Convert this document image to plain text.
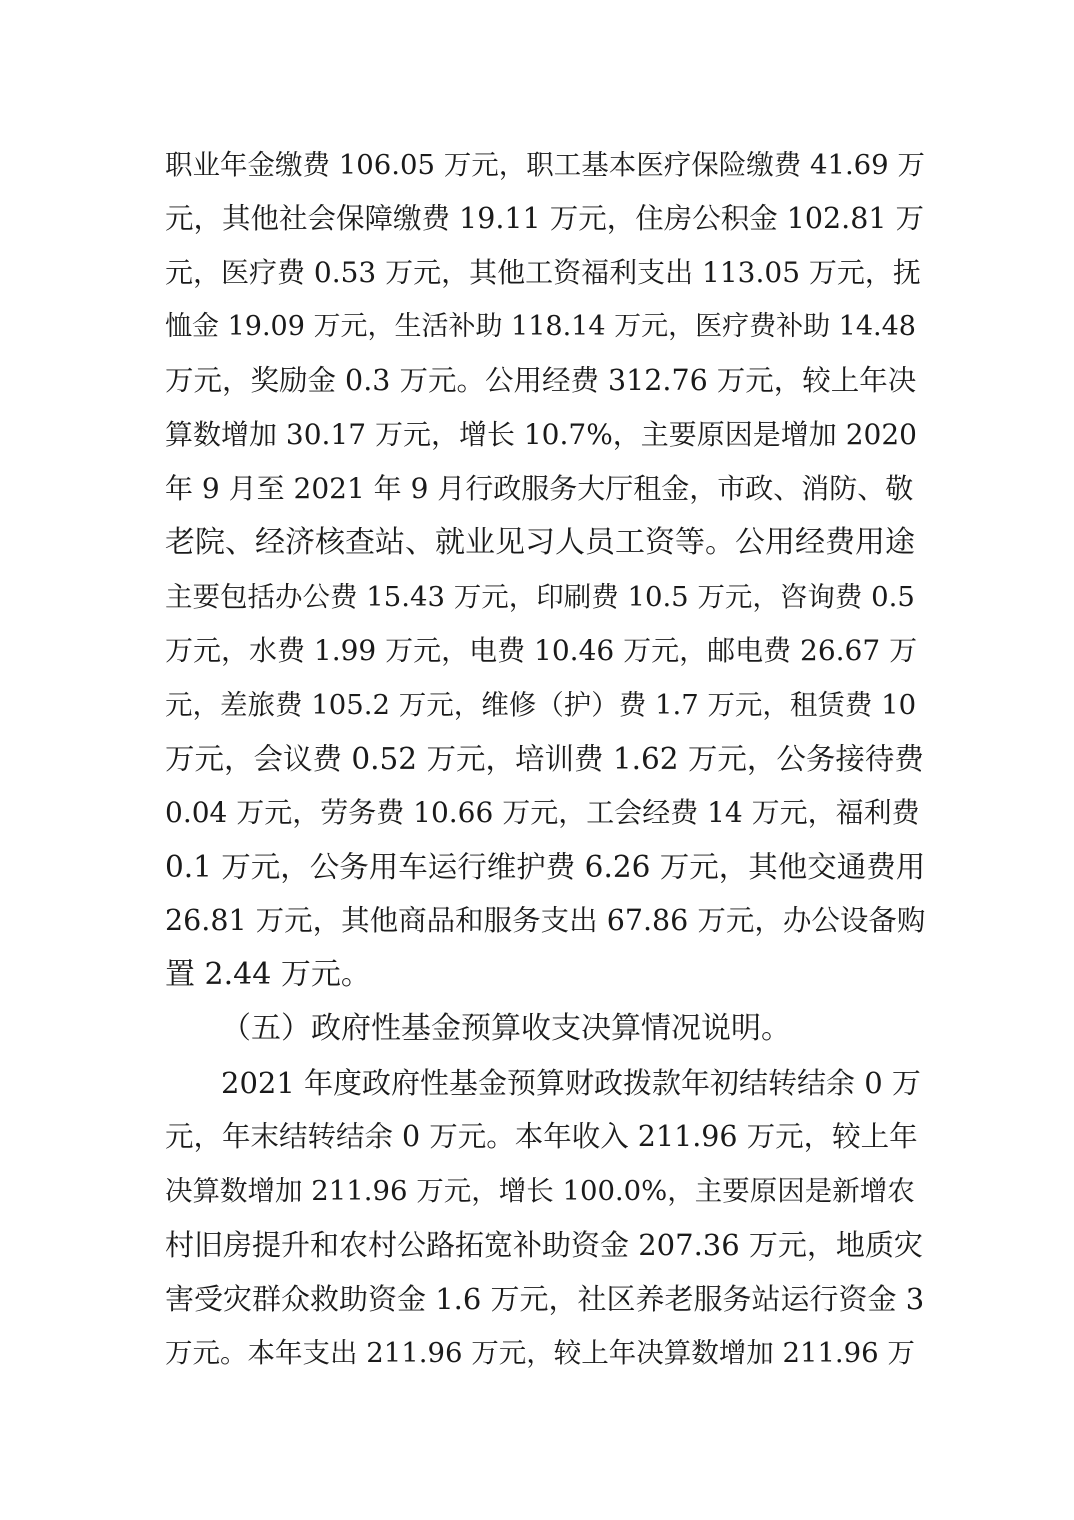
职业年金缴费 106.05 万元，职工基本医疗保险缴费 41.69 万
元，其他社会保障缴费 19.11 万元，住房公积金 102.81 万
元，医疗费 0.53 万元，其他工资福利支出 113.05 万元，抚
恤金 19.09 万元，生活补助 118.14 万元，医疗费补助 14.48
万元，奖励金 0.3 万元。公用经费 312.76 万元，较上年决
算数增加 30.17 万元，增长 10.7%，主要原因是增加 2020
年 9 月至 2021 年 9 月行政服务大厅租金，市政、消防、敬
老院、经济核查站、就业见习人员工资等。公用经费用途
主要包括办公费 15.43 万元，印刷费 10.5 万元，咨询费 0.5
万元，水费 1.99 万元，电费 10.46 万元，邮电费 26.67 万
元，差旅费 105.2 万元，维修（护）费 1.7 万元，租赁费 10
万元，会议费 0.52 万元，培训费 1.62 万元，公务接待费
0.04 万元，劳务费 10.66 万元，工会经费 14 万元，福利费
0.1 万元，公务用车运行维护费 6.26 万元，其他交通费用
26.81 万元，其他商品和服务支出 67.86 万元，办公设备购
置 2.44 万元。
（五）政府性基金预算收支决算情况说明。
2021 年度政府性基金预算财政拨款年初结转结余 0 万
元，年末结转结余 0 万元。本年收入 211.96 万元，较上年
决算数增加 211.96 万元，增长 100.0%，主要原因是新增农
村旧房提升和农村公路拓宽补助资金 207.36 万元，地质灾
害受灾群众救助资金 1.6 万元，社区养老服务站运行资金 3
万元。本年支出 211.96 万元，较上年决算数增加 211.96 万
